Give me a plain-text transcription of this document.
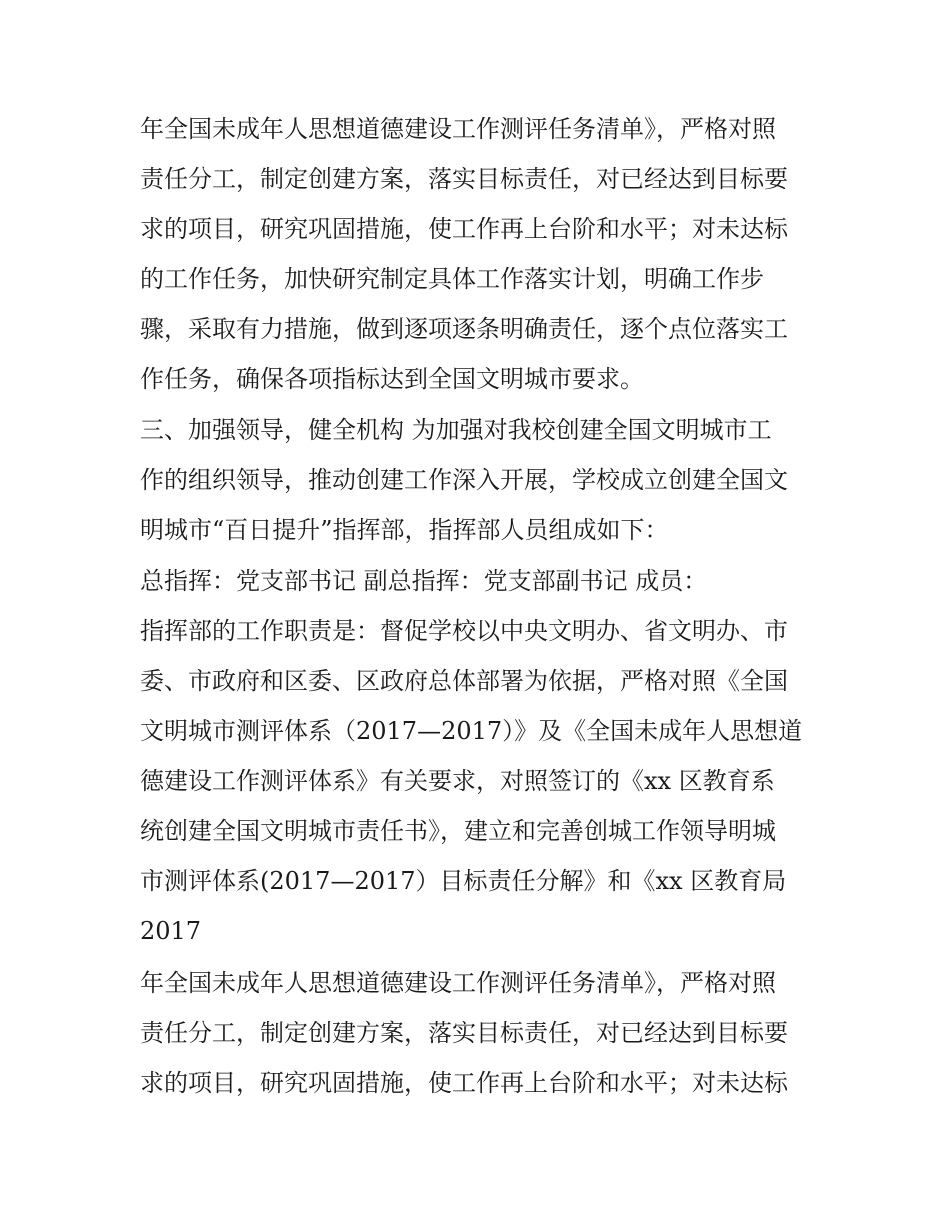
年全国未成年人思想道德建设工作测评任务清单》，严格对照
责任分工，制定创建方案，落实目标责任，对已经达到目标要
求的项目，研究巩固措施，使工作再上台阶和水平；对未达标
的工作任务，加快研究制定具体工作落实计划，明确工作步
骤，采取有力措施，做到逐项逐条明确责任，逐个点位落实工
作任务，确保各项指标达到全国文明城市要求。
三、加强领导，健全机构 为加强对我校创建全国文明城市工
作的组织领导，推动创建工作深入开展，学校成立创建全国文
明城市“百日提升”指挥部，指挥部人员组成如下：
总指挥：党支部书记 副总指挥：党支部副书记 成员：
指挥部的工作职责是：督促学校以中央文明办、省文明办、市
委、市政府和区委、区政府总体部署为依据，严格对照《全国
文明城市测评体系（2017—2017）》及《全国未成年人思想道
德建设工作测评体系》有关要求，对照签订的《xx 区教育系
统创建全国文明城市责任书》，建立和完善创城工作领导明城
市测评体系(2017—2017）目标责任分解》和《xx 区教育局
2017
年全国未成年人思想道德建设工作测评任务清单》，严格对照
责任分工，制定创建方案，落实目标责任，对已经达到目标要
求的项目，研究巩固措施，使工作再上台阶和水平；对未达标
